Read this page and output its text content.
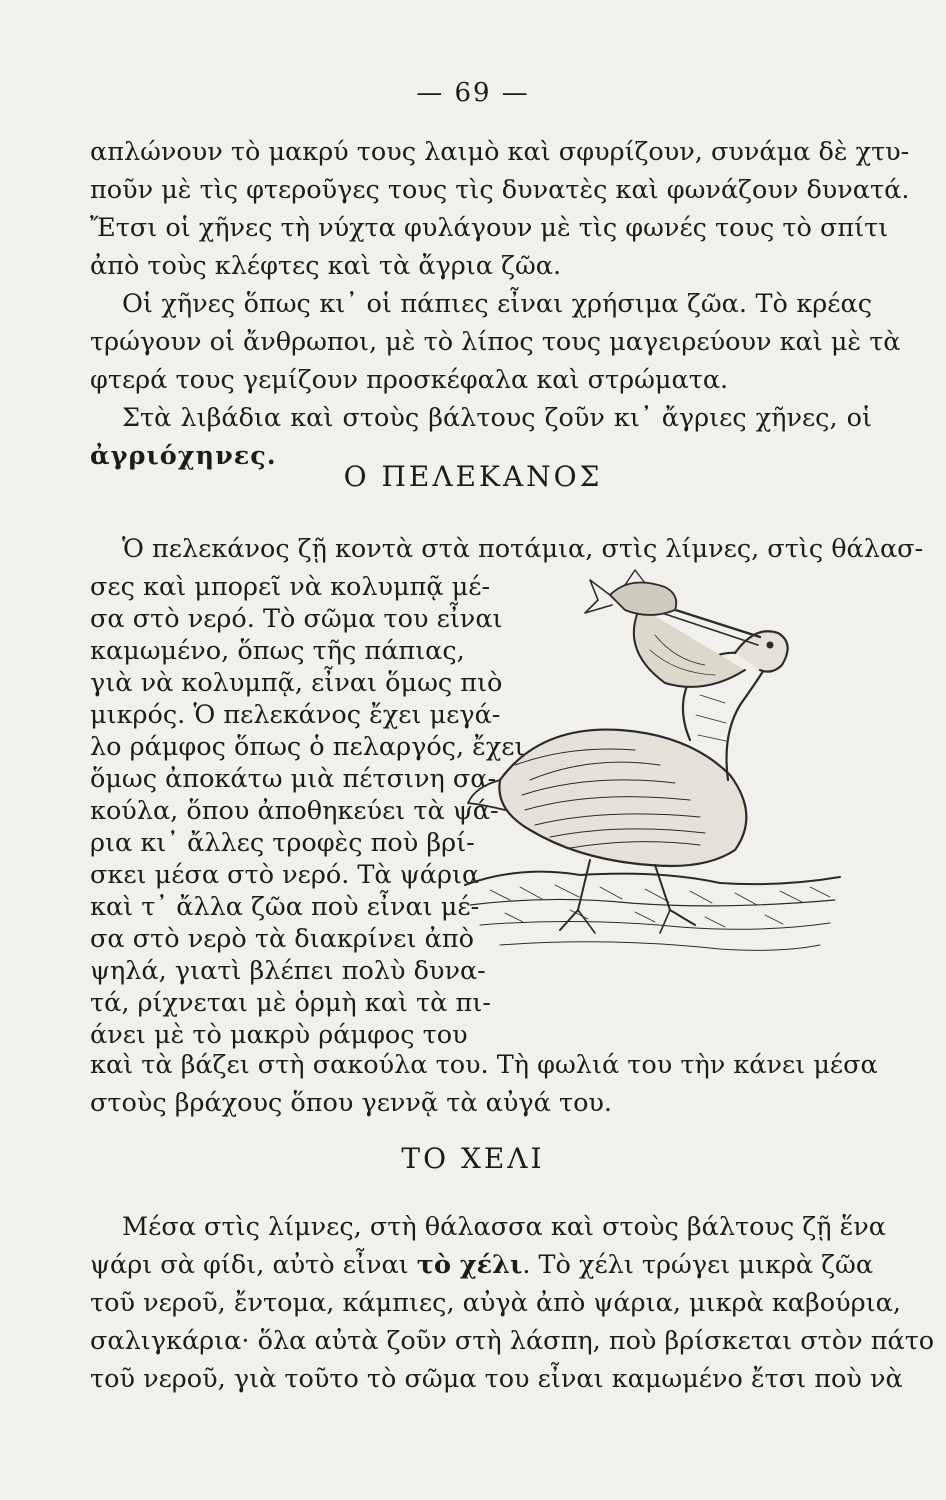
— 69 —
απλώνουν τὸ μακρύ τους λαιμὸ καὶ σφυρίζουν, συνάμα δὲ χτυ-
ποῦν μὲ τὶς φτεροῦγες τους τὶς δυνατὲς καὶ φωνάζουν δυνατά.
Ἔτσι οἱ χῆνες τὴ νύχτα φυλάγουν μὲ τὶς φωνές τους τὸ σπίτι
ἀπὸ τοὺς κλέφτες καὶ τὰ ἄγρια ζῶα.
Οἱ χῆνες ὅπως κι᾿ οἱ πάπιες εἶναι χρήσιμα ζῶα. Τὸ κρέας
τρώγουν οἱ ἄνθρωποι, μὲ τὸ λίπος τους μαγειρεύουν καὶ μὲ τὰ
φτερά τους γεμίζουν προσκέφαλα καὶ στρώματα.
Στὰ λιβάδια καὶ στοὺς βάλτους ζοῦν κι᾿ ἄγριες χῆνες, οἱ
ἀγριόχηνες.
Ο ΠΕΛΕΚΑΝΟΣ
Ὁ πελεκάνος ζῇ κοντὰ στὰ ποτάμια, στὶς λίμνες, στὶς θάλασ-
σες καὶ μπορεῖ νὰ κολυμπᾷ μέ-
σα στὸ νερό. Τὸ σῶμα του εἶναι
καμωμένο, ὅπως τῆς πάπιας,
γιὰ νὰ κολυμπᾷ, εἶναι ὅμως πιὸ
μικρός. Ὁ πελεκάνος ἔχει μεγά-
λο ράμφος ὅπως ὁ πελαργός, ἔχει
ὅμως ἀποκάτω μιὰ πέτσινη σα-
κούλα, ὅπου ἀποθηκεύει τὰ ψά-
ρια κι᾿ ἄλλες τροφὲς ποὺ βρί-
σκει μέσα στὸ νερό. Τὰ ψάρια
καὶ τ᾿ ἄλλα ζῶα ποὺ εἶναι μέ-
σα στὸ νερὸ τὰ διακρίνει ἀπὸ
ψηλά, γιατὶ βλέπει πολὺ δυνα-
τά, ρίχνεται μὲ ὁρμὴ καὶ τὰ πι-
άνει μὲ τὸ μακρὺ ράμφος του
καὶ τὰ βάζει στὴ σακούλα του. Τὴ φωλιά του τὴν κάνει μέσα
στοὺς βράχους ὅπου γεννᾷ τὰ αὐγά του.
ΤΟ ΧΕΛΙ
Μέσα στὶς λίμνες, στὴ θάλασσα καὶ στοὺς βάλτους ζῇ ἕνα
ψάρι σὰ φίδι, αὐτὸ εἶναι τὸ χέλι. Τὸ χέλι τρώγει μικρὰ ζῶα
τοῦ νεροῦ, ἔντομα, κάμπιες, αὐγὰ ἀπὸ ψάρια, μικρὰ καβούρια,
σαλιγκάρια· ὅλα αὐτὰ ζοῦν στὴ λάσπη, ποὺ βρίσκεται στὸν πάτο
τοῦ νεροῦ, γιὰ τοῦτο τὸ σῶμα του εἶναι καμωμένο ἔτσι ποὺ νὰ
